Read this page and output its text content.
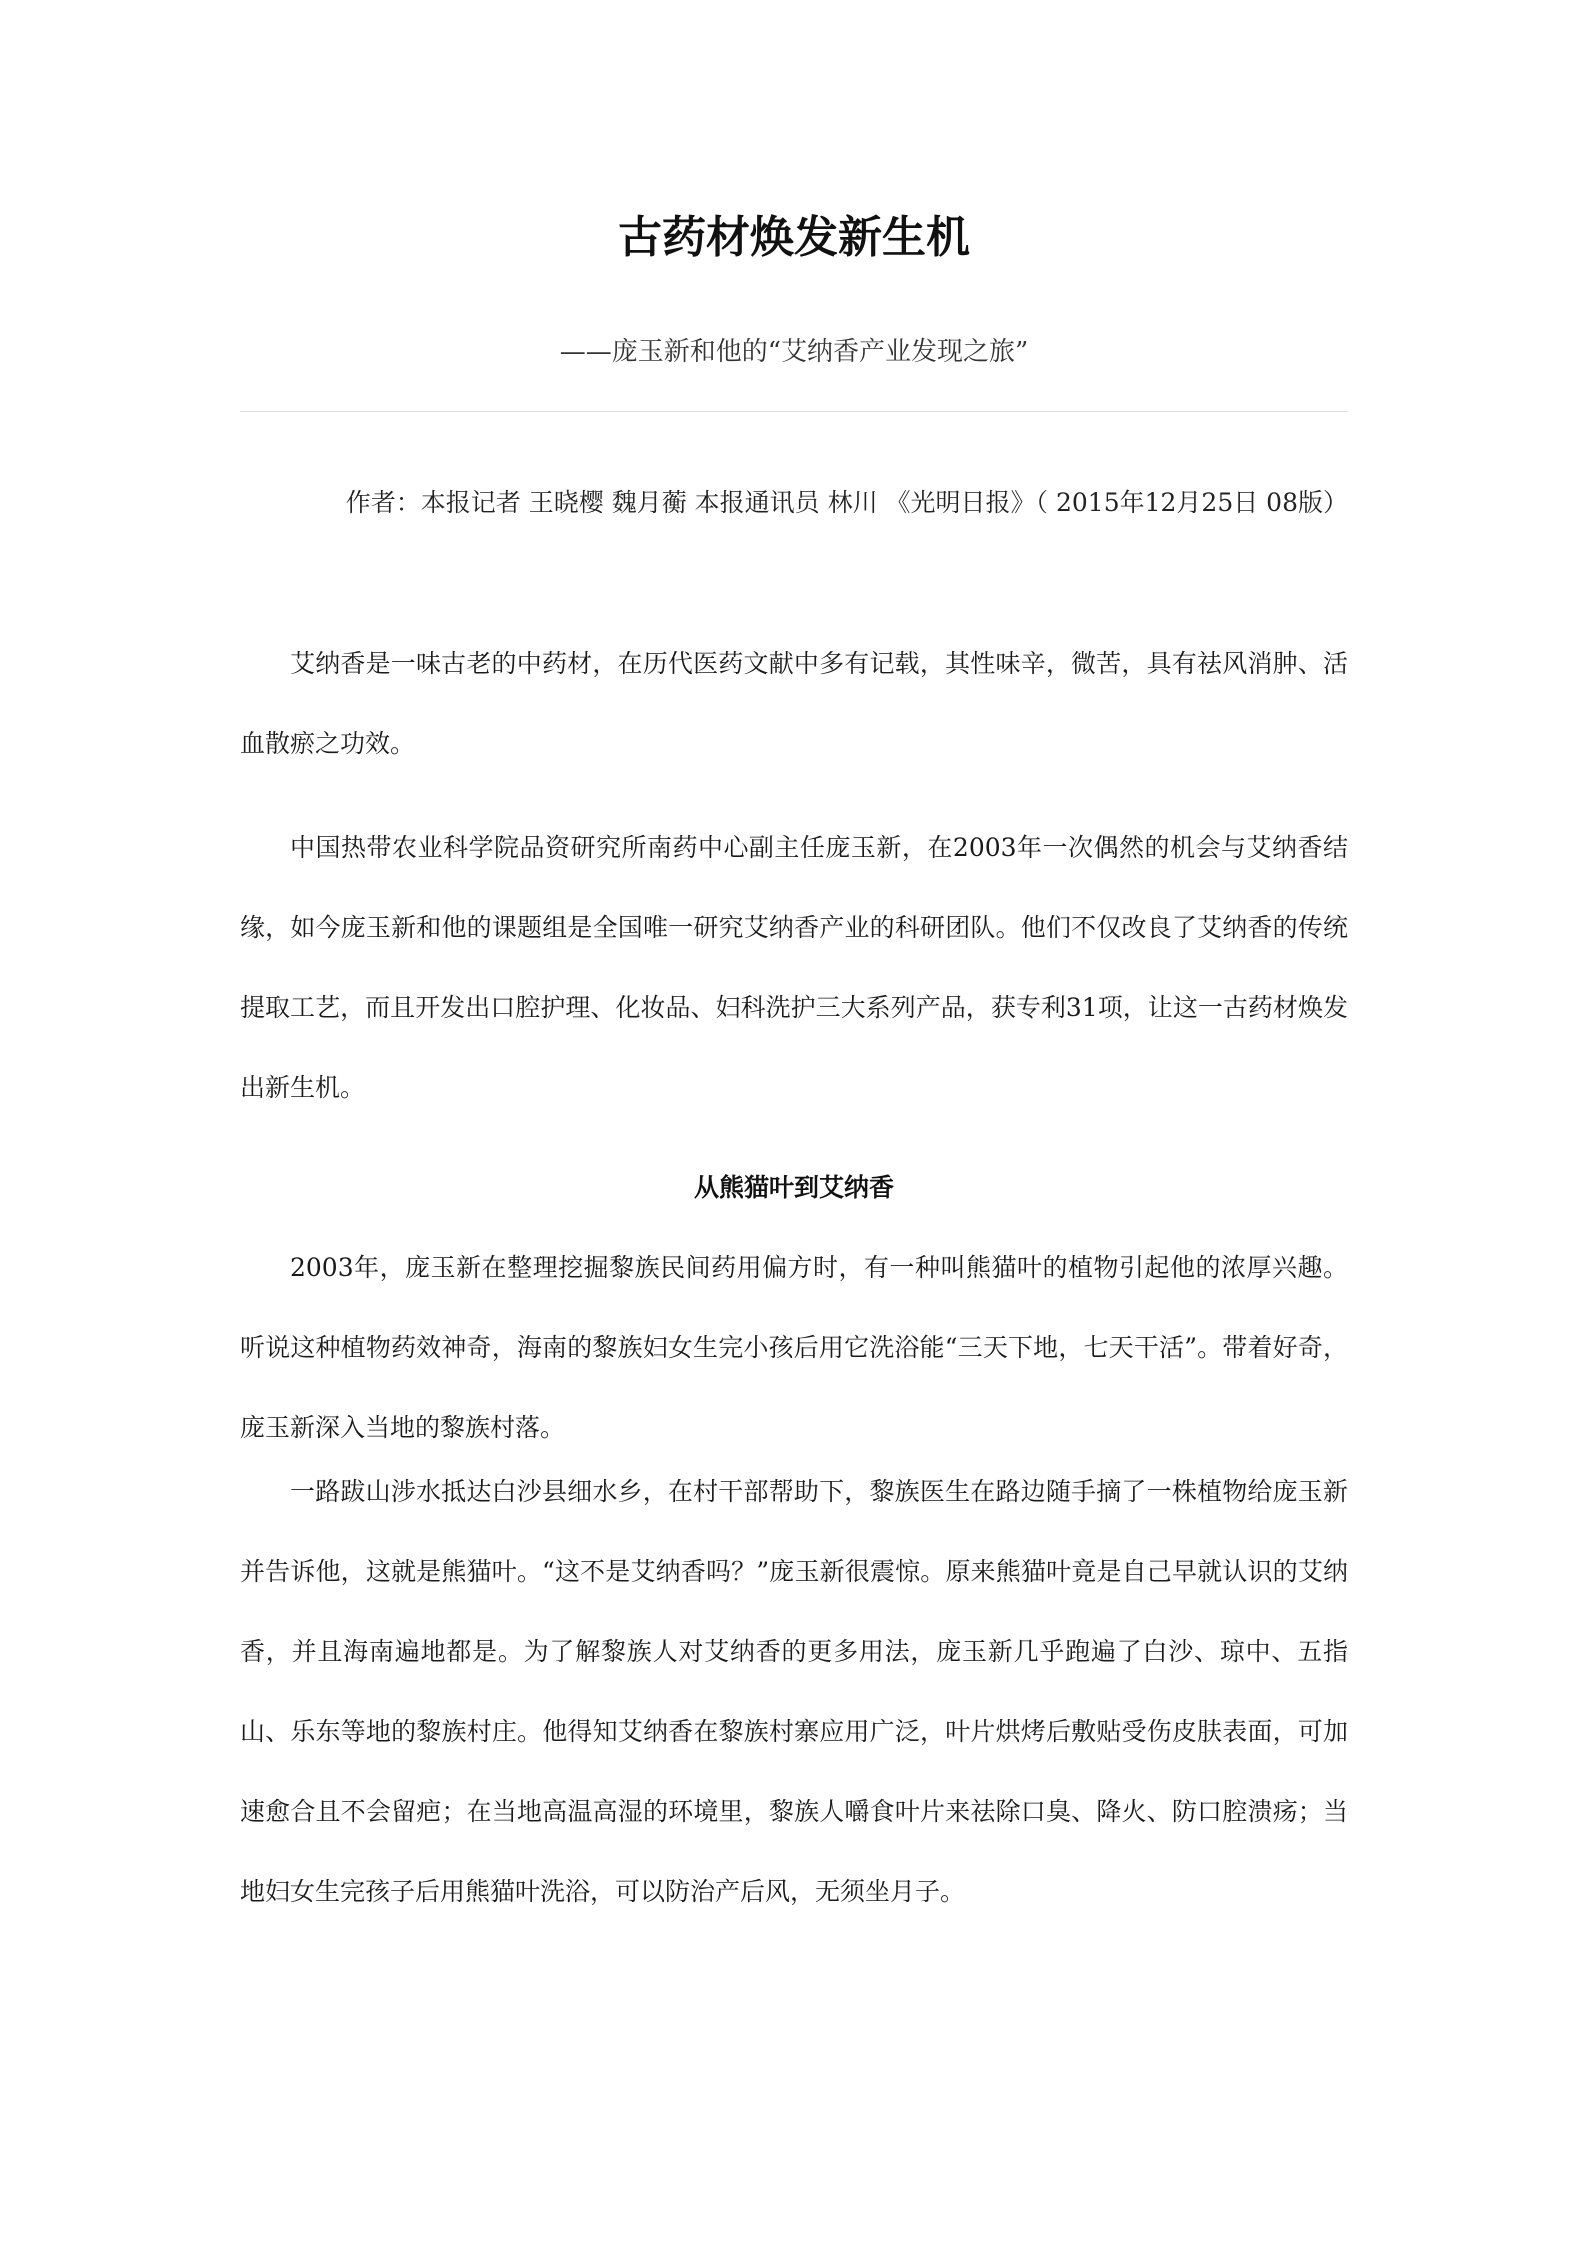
古药材焕发新生机
——庞玉新和他的“艾纳香产业发现之旅”
作者：本报记者 王晓樱 魏月蘅 本报通讯员 林川 《光明日报》（ 2015年12月25日 08版）

艾纳香是一味古老的中药材，在历代医药文献中多有记载，其性味辛，微苦，具有祛风消肿、活血散瘀之功效。

中国热带农业科学院品资研究所南药中心副主任庞玉新，在2003年一次偶然的机会与艾纳香结缘，如今庞玉新和他的课题组是全国唯一研究艾纳香产业的科研团队。他们不仅改良了艾纳香的传统提取工艺，而且开发出口腔护理、化妆品、妇科洗护三大系列产品，获专利31项，让这一古药材焕发出新生机。

从熊猫叶到艾纳香

2003年，庞玉新在整理挖掘黎族民间药用偏方时，有一种叫熊猫叶的植物引起他的浓厚兴趣。听说这种植物药效神奇，海南的黎族妇女生完小孩后用它洗浴能“三天下地，七天干活”。带着好奇，庞玉新深入当地的黎族村落。

一路跋山涉水抵达白沙县细水乡，在村干部帮助下，黎族医生在路边随手摘了一株植物给庞玉新并告诉他，这就是熊猫叶。“这不是艾纳香吗？”庞玉新很震惊。原来熊猫叶竟是自己早就认识的艾纳香，并且海南遍地都是。为了解黎族人对艾纳香的更多用法，庞玉新几乎跑遍了白沙、琼中、五指山、乐东等地的黎族村庄。他得知艾纳香在黎族村寨应用广泛，叶片烘烤后敷贴受伤皮肤表面，可加速愈合且不会留疤；在当地高温高湿的环境里，黎族人嚼食叶片来祛除口臭、降火、防口腔溃疡；当地妇女生完孩子后用熊猫叶洗浴，可以防治产后风，无须坐月子。
